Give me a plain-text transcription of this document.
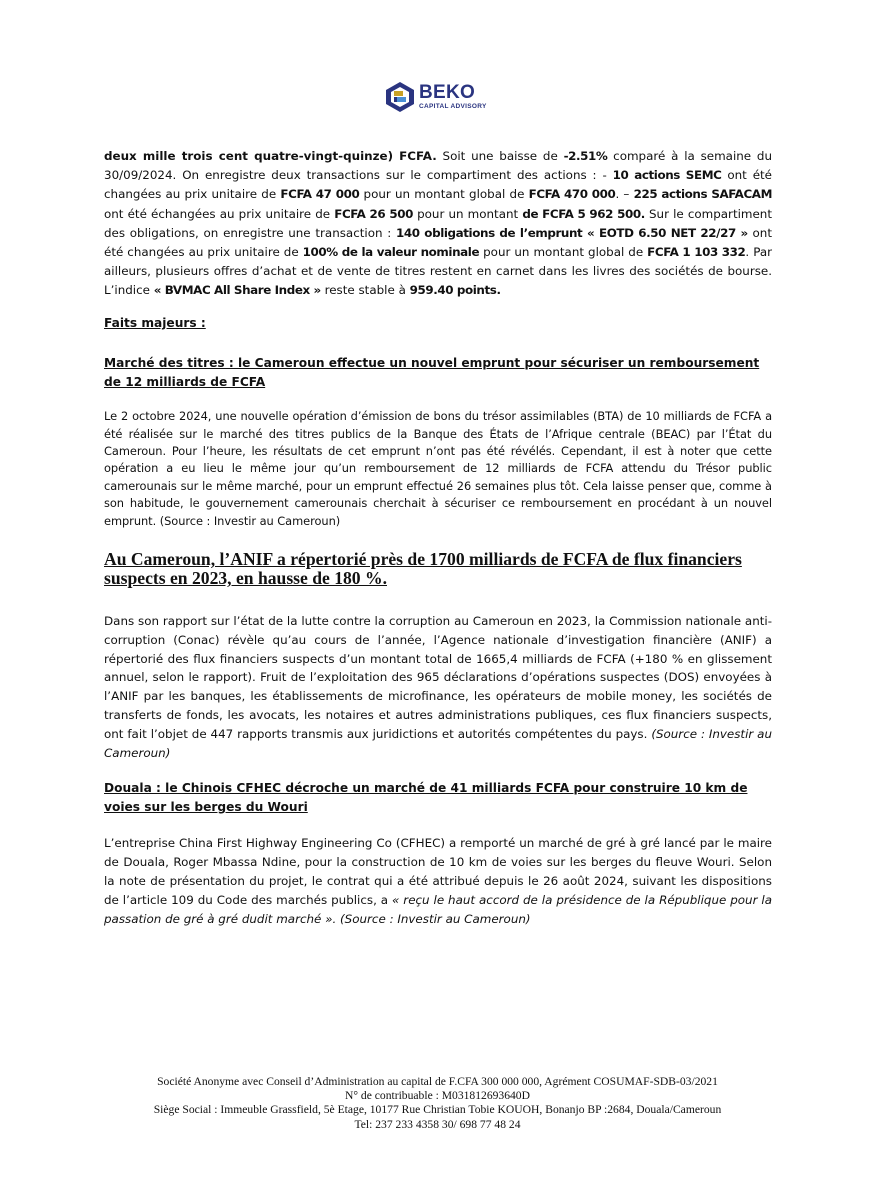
BEKO
CAPITAL ADVISORY

deux mille trois cent quatre-vingt-quinze) FCFA. Soit une baisse de -2.51% comparé à la semaine du 30/09/2024. On enregistre deux transactions sur le compartiment des actions : - 10 actions SEMC ont été changées au prix unitaire de FCFA 47 000 pour un montant global de FCFA 470 000. – 225 actions SAFACAM ont été échangées au prix unitaire de FCFA 26 500 pour un montant de FCFA 5 962 500. Sur le compartiment des obligations, on enregistre une transaction : 140 obligations de l’emprunt « EOTD 6.50 NET 22/27 » ont été changées au prix unitaire de 100% de la valeur nominale pour un montant global de FCFA 1 103 332. Par ailleurs, plusieurs offres d’achat et de vente de titres restent en carnet dans les livres des sociétés de bourse. L’indice « BVMAC All Share Index » reste stable à 959.40 points.

Faits majeurs :

Marché des titres : le Cameroun effectue un nouvel emprunt pour sécuriser un remboursement de 12 milliards de FCFA

Le 2 octobre 2024, une nouvelle opération d’émission de bons du trésor assimilables (BTA) de 10 milliards de FCFA a été réalisée sur le marché des titres publics de la Banque des États de l’Afrique centrale (BEAC) par l’État du Cameroun. Pour l’heure, les résultats de cet emprunt n’ont pas été révélés. Cependant, il est à noter que cette opération a eu lieu le même jour qu’un remboursement de 12 milliards de FCFA attendu du Trésor public camerounais sur le même marché, pour un emprunt effectué 26 semaines plus tôt. Cela laisse penser que, comme à son habitude, le gouvernement camerounais cherchait à sécuriser ce remboursement en procédant à un nouvel emprunt. (Source : Investir au Cameroun)

Au Cameroun, l’ANIF a répertorié près de 1700 milliards de FCFA de flux financiers suspects en 2023, en hausse de 180 %.

Dans son rapport sur l’état de la lutte contre la corruption au Cameroun en 2023, la Commission nationale anti-corruption (Conac) révèle qu’au cours de l’année, l’Agence nationale d’investigation financière (ANIF) a répertorié des flux financiers suspects d’un montant total de 1665,4 milliards de FCFA (+180 % en glissement annuel, selon le rapport). Fruit de l’exploitation des 965 déclarations d’opérations suspectes (DOS) envoyées à l’ANIF par les banques, les établissements de microfinance, les opérateurs de mobile money, les sociétés de transferts de fonds, les avocats, les notaires et autres administrations publiques, ces flux financiers suspects, ont fait l’objet de 447 rapports transmis aux juridictions et autorités compétentes du pays. (Source : Investir au Cameroun)

Douala : le Chinois CFHEC décroche un marché de 41 milliards FCFA pour construire 10 km de voies sur les berges du Wouri

L’entreprise China First Highway Engineering Co (CFHEC) a remporté un marché de gré à gré lancé par le maire de Douala, Roger Mbassa Ndine, pour la construction de 10 km de voies sur les berges du fleuve Wouri. Selon la note de présentation du projet, le contrat qui a été attribué depuis le 26 août 2024, suivant les dispositions de l’article 109 du Code des marchés publics, a « reçu le haut accord de la présidence de la République pour la passation de gré à gré dudit marché ». (Source : Investir au Cameroun)

Société Anonyme avec Conseil d’Administration au capital de F.CFA 300 000 000, Agrément COSUMAF-SDB-03/2021
N° de contribuable : M031812693640D
Siège Social : Immeuble Grassfield, 5è Etage, 10177 Rue Christian Tobie KOUOH, Bonanjo BP :2684, Douala/Cameroun
Tel: 237 233 4358 30/ 698 77 48 24
